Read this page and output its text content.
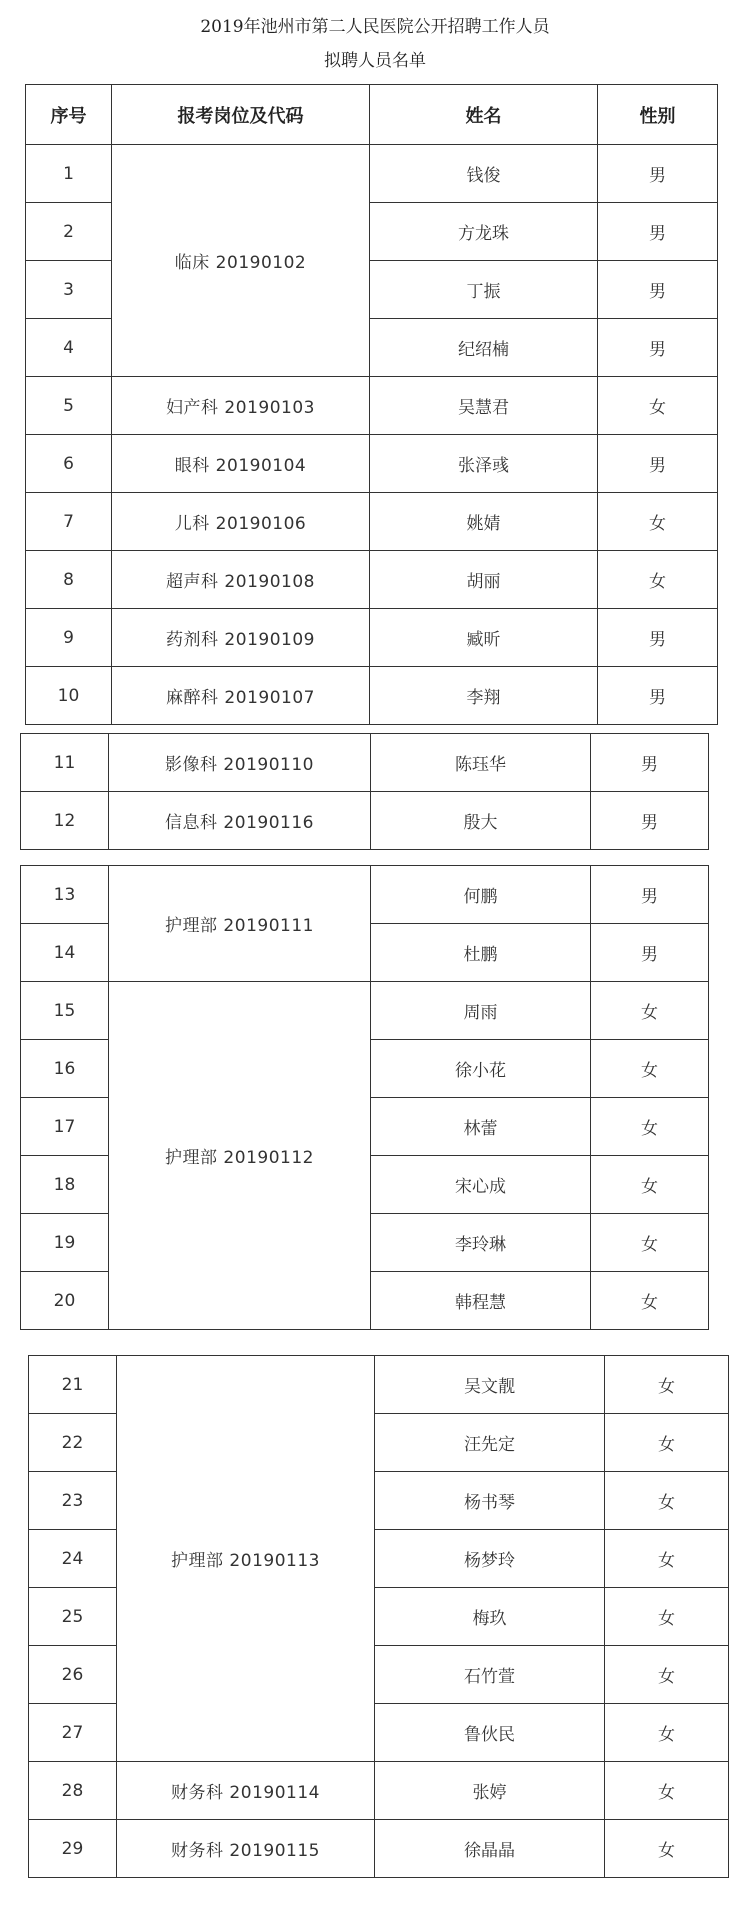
2019年池州市第二人民医院公开招聘工作人员
拟聘人员名单
序号	报考岗位及代码	姓名	性别
1	临床 20190102	钱俊	男
2		方龙珠	男
3		丁振	男
4		纪绍楠	男
5	妇产科 20190103	吴慧君	女
6	眼科 20190104	张泽彧	男
7	儿科 20190106	姚婧	女
8	超声科 20190108	胡丽	女
9	药剂科 20190109	臧昕	男
10	麻醉科 20190107	李翔	男
11	影像科 20190110	陈珏华	男
12	信息科 20190116	殷大	男
13	护理部 20190111	何鹏	男
14		杜鹏	男
15	护理部 20190112	周雨	女
16		徐小花	女
17		林蕾	女
18		宋心成	女
19		李玲琳	女
20		韩程慧	女
21	护理部 20190113	吴文靓	女
22		汪先定	女
23		杨书琴	女
24		杨梦玲	女
25		梅玖	女
26		石竹萱	女
27		鲁伙民	女
28	财务科 20190114	张婷	女
29	财务科 20190115	徐晶晶	女
